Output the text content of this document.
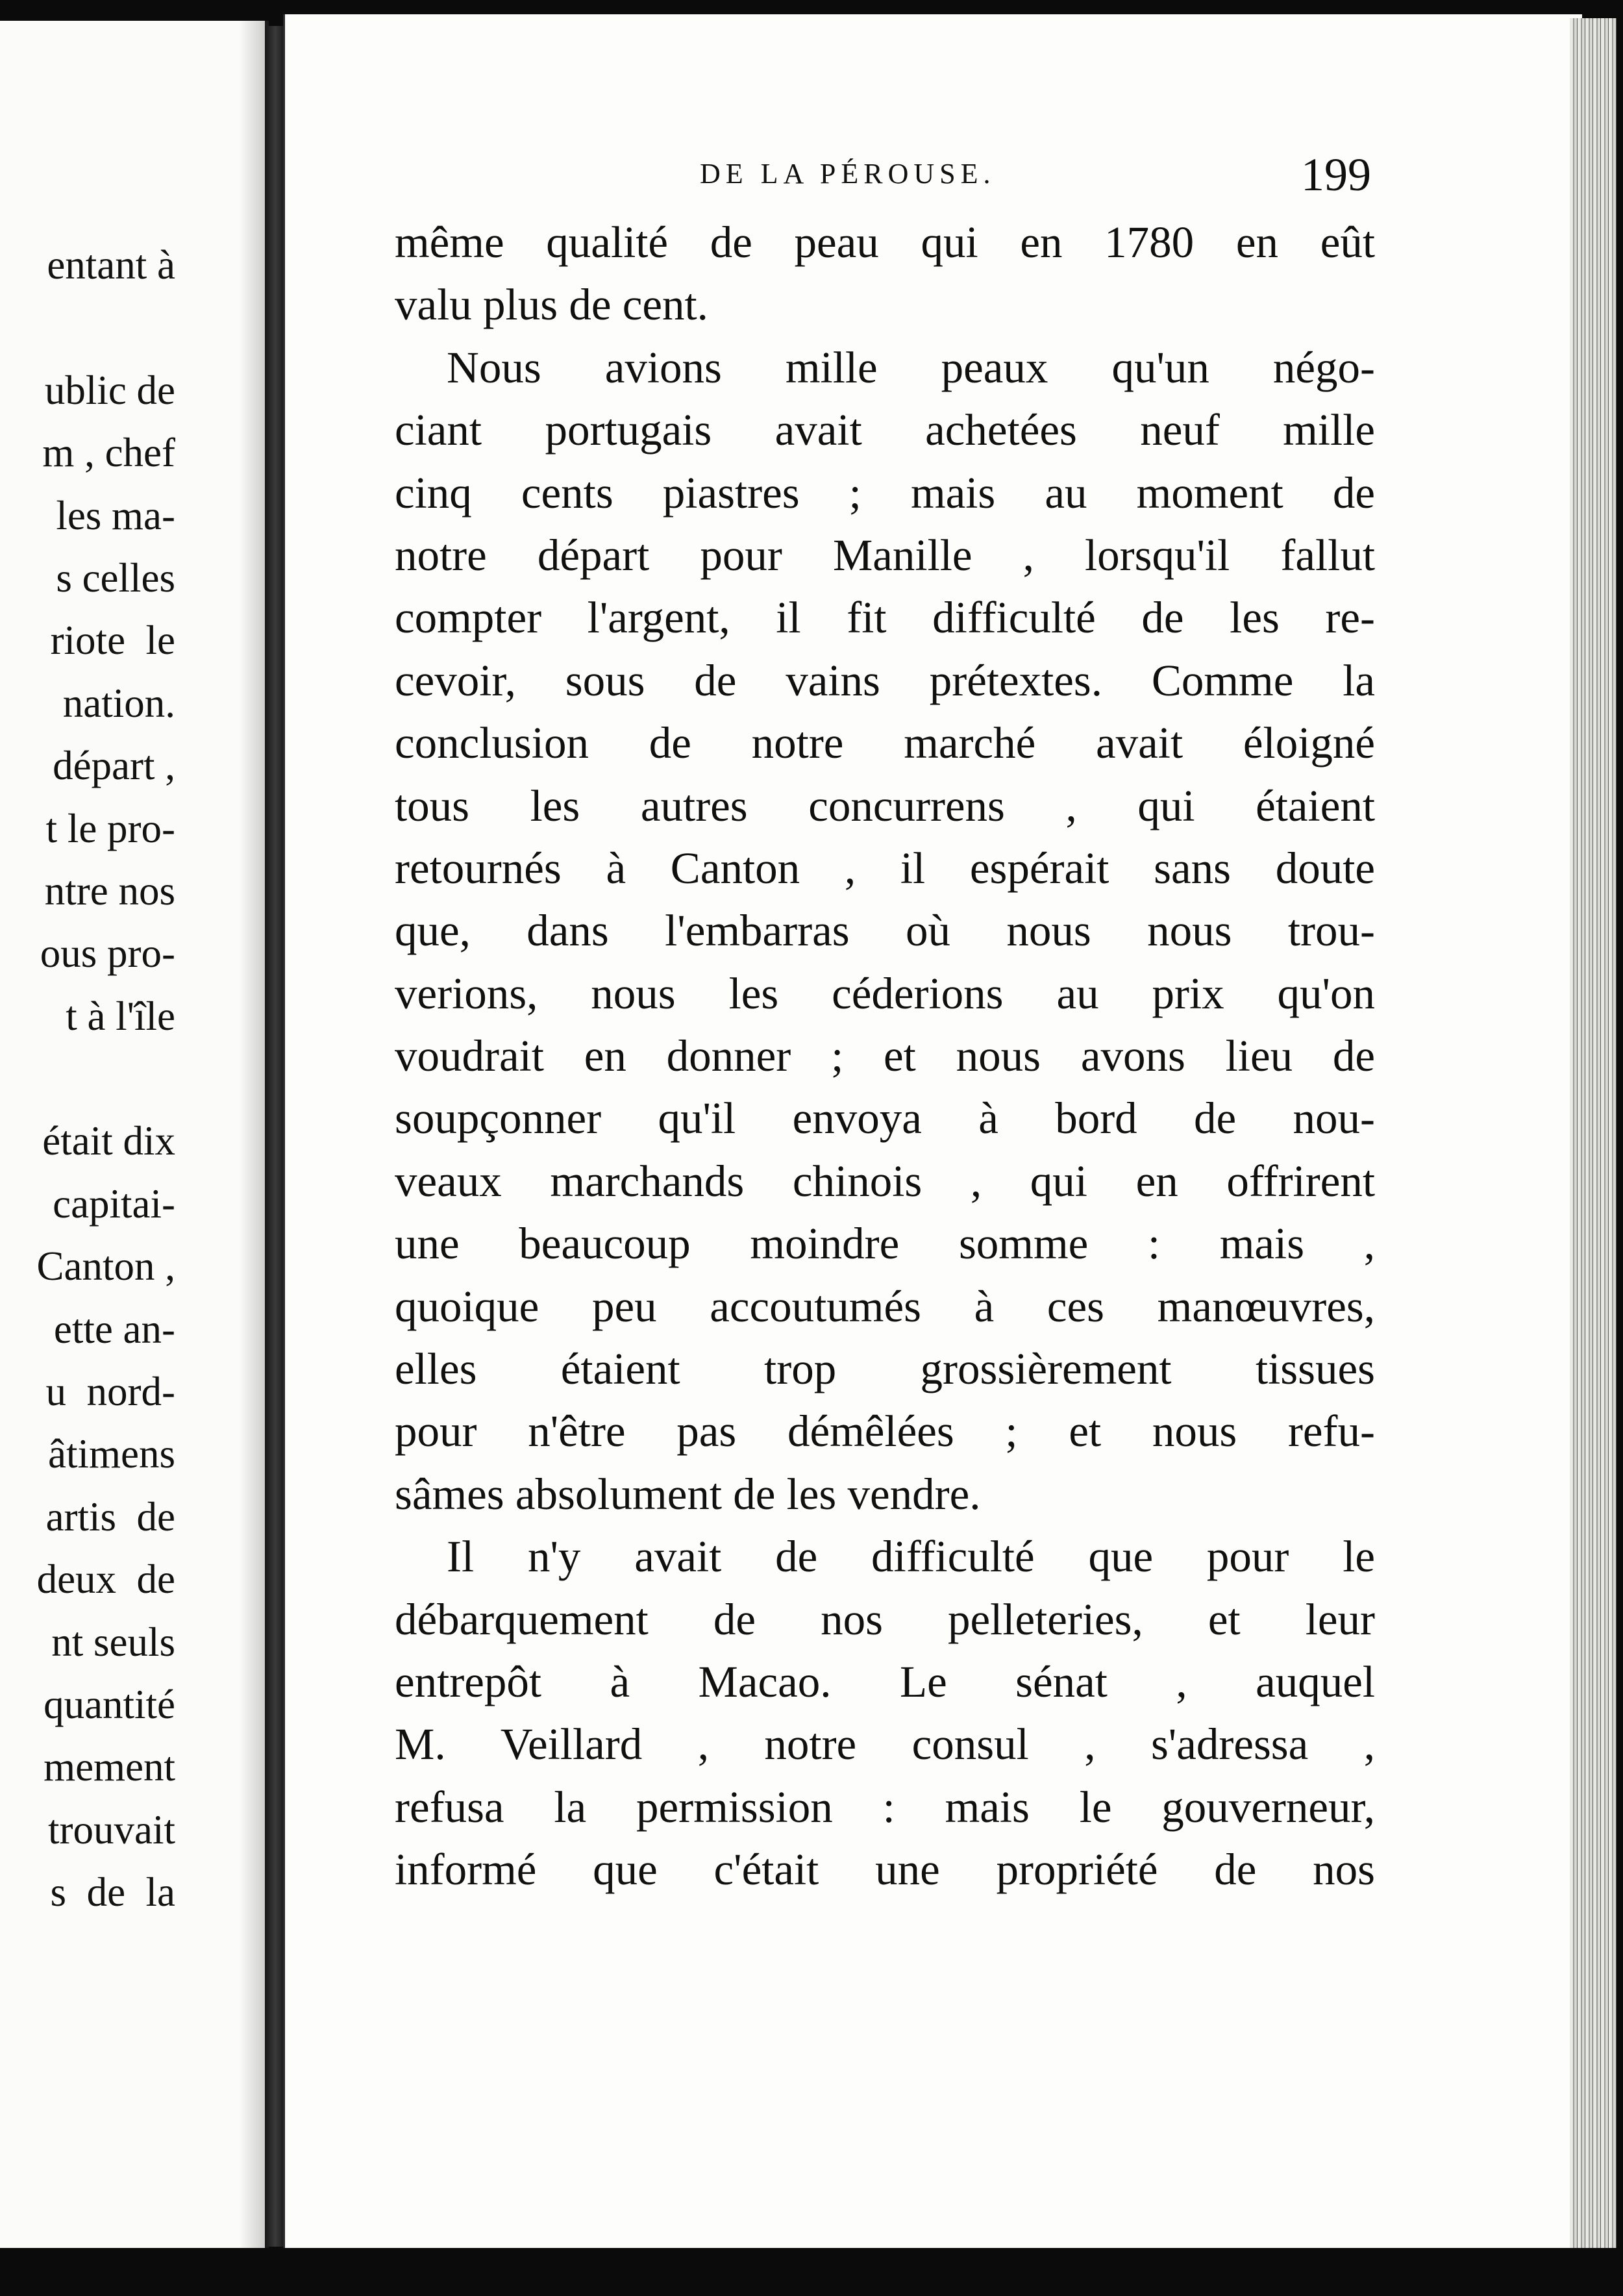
entant à
ublic de
m , chef
les ma-
s celles
riote  le
nation.
départ ,
t le pro-
ntre nos
ous pro-
t à l'île
était dix
capitai-
Canton ,
ette an-
u  nord-
âtimens
artis  de
deux  de
nt seuls
quantité
mement
trouvait
s  de  la
DE LA PÉROUSE.	199
même qualité de peau qui en 1780 en eût
valu plus de cent.
Nous avions mille peaux qu'un négo-
ciant portugais avait achetées neuf mille
cinq cents piastres ; mais au moment de
notre départ pour Manille , lorsqu'il fallut
compter l'argent, il fit difficulté de les re-
cevoir, sous de vains prétextes. Comme la
conclusion de notre marché avait éloigné
tous les autres concurrens , qui étaient
retournés à Canton , il espérait sans doute
que, dans l'embarras où nous nous trou-
verions, nous les céderions au prix qu'on
voudrait en donner ; et nous avons lieu de
soupçonner qu'il envoya à bord de nou-
veaux marchands chinois , qui en offrirent
une beaucoup moindre somme : mais ,
quoique peu accoutumés à ces manœuvres,
elles étaient trop grossièrement tissues
pour n'être pas démêlées ; et nous refu-
sâmes absolument de les vendre.
Il n'y avait de difficulté que pour le
débarquement de nos pelleteries, et leur
entrepôt à Macao. Le sénat , auquel
M. Veillard , notre consul , s'adressa ,
refusa la permission : mais le gouverneur,
informé que c'était une propriété de nos
